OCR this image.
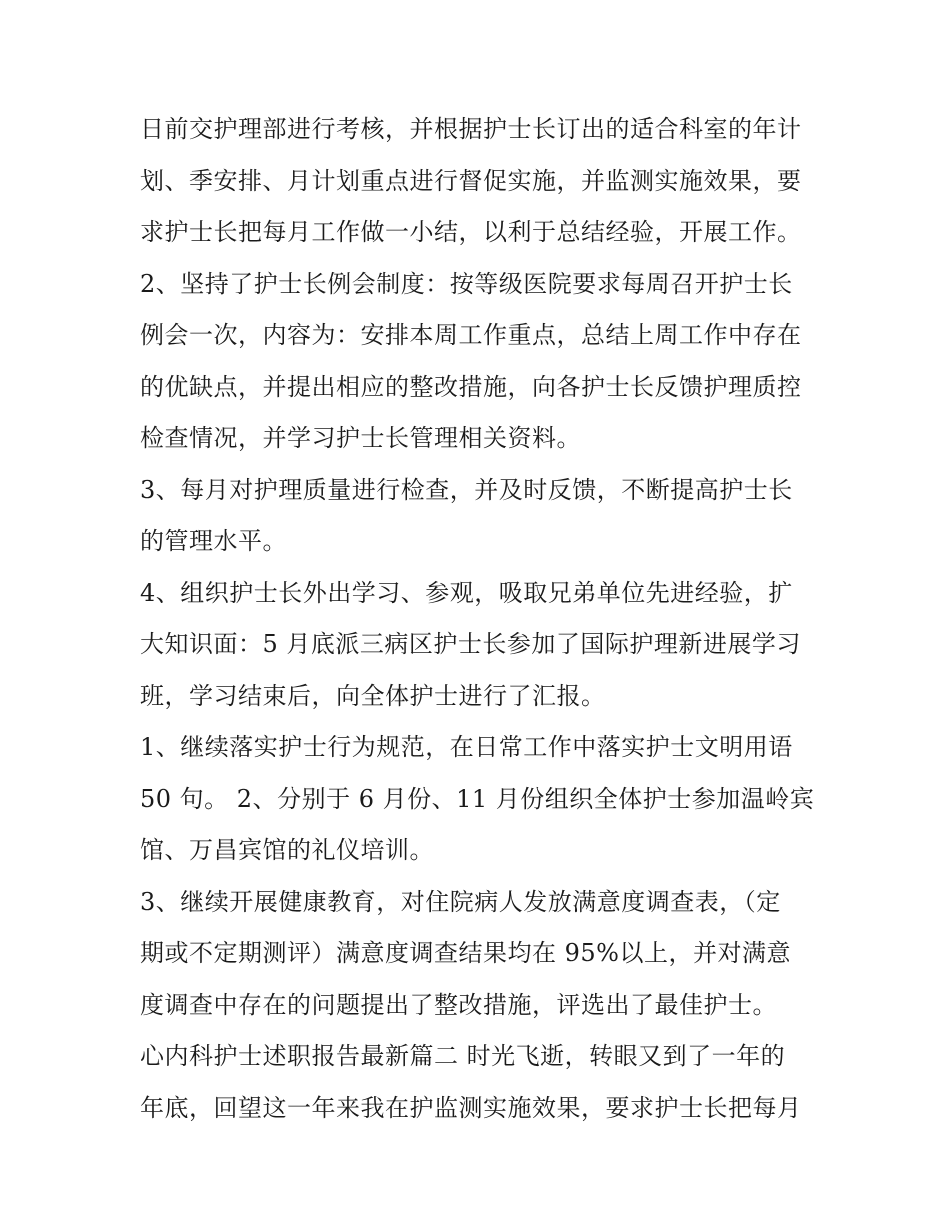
日前交护理部进行考核，并根据护士长订出的适合科室的年计
划、季安排、月计划重点进行督促实施，并监测实施效果，要
求护士长把每月工作做一小结，以利于总结经验，开展工作。
2、坚持了护士长例会制度：按等级医院要求每周召开护士长
例会一次，内容为：安排本周工作重点，总结上周工作中存在
的优缺点，并提出相应的整改措施，向各护士长反馈护理质控
检查情况，并学习护士长管理相关资料。
3、每月对护理质量进行检查，并及时反馈，不断提高护士长
的管理水平。
4、组织护士长外出学习、参观，吸取兄弟单位先进经验，扩
大知识面：5 月底派三病区护士长参加了国际护理新进展学习
班，学习结束后，向全体护士进行了汇报。
1、继续落实护士行为规范，在日常工作中落实护士文明用语
50 句。 2、分别于 6 月份、11 月份组织全体护士参加温岭宾
馆、万昌宾馆的礼仪培训。
3、继续开展健康教育，对住院病人发放满意度调查表，（定
期或不定期测评）满意度调查结果均在 95%以上，并对满意
度调查中存在的问题提出了整改措施，评选出了最佳护士。
心内科护士述职报告最新篇二 时光飞逝，转眼又到了一年的
年底，回望这一年来我在护监测实施效果，要求护士长把每月
